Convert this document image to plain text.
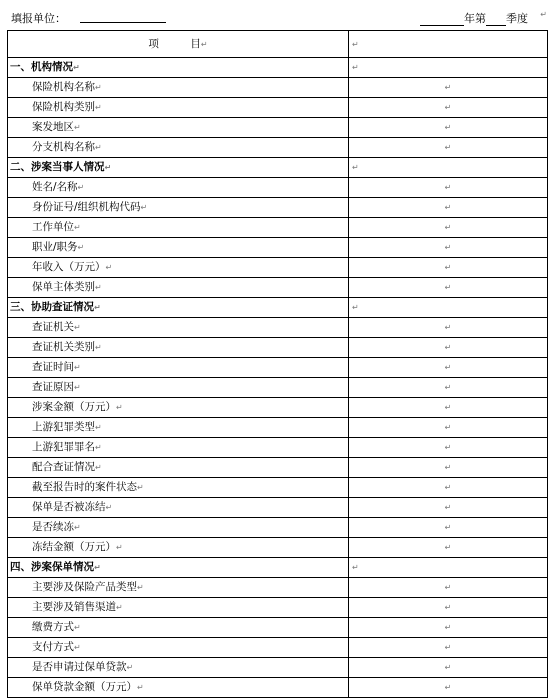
填报单位：	年第 季度 ↵
项　　　目↵	↵
一、机构情况↵	↵
保险机构名称↵	↵
保险机构类别↵	↵
案发地区↵	↵
分支机构名称↵	↵
二、涉案当事人情况↵	↵
姓名/名称↵	↵
身份证号/组织机构代码↵	↵
工作单位↵	↵
职业/职务↵	↵
年收入（万元）↵	↵
保单主体类别↵	↵
三、协助查证情况↵	↵
查证机关↵	↵
查证机关类别↵	↵
查证时间↵	↵
查证原因↵	↵
涉案金额（万元）↵	↵
上游犯罪类型↵	↵
上游犯罪罪名↵	↵
配合查证情况↵	↵
截至报告时的案件状态↵	↵
保单是否被冻结↵	↵
是否续冻↵	↵
冻结金额（万元）↵	↵
四、涉案保单情况↵	↵
主要涉及保险产品类型↵	↵
主要涉及销售渠道↵	↵
缴费方式↵	↵
支付方式↵	↵
是否申请过保单贷款↵	↵
保单贷款金额（万元）↵	↵
